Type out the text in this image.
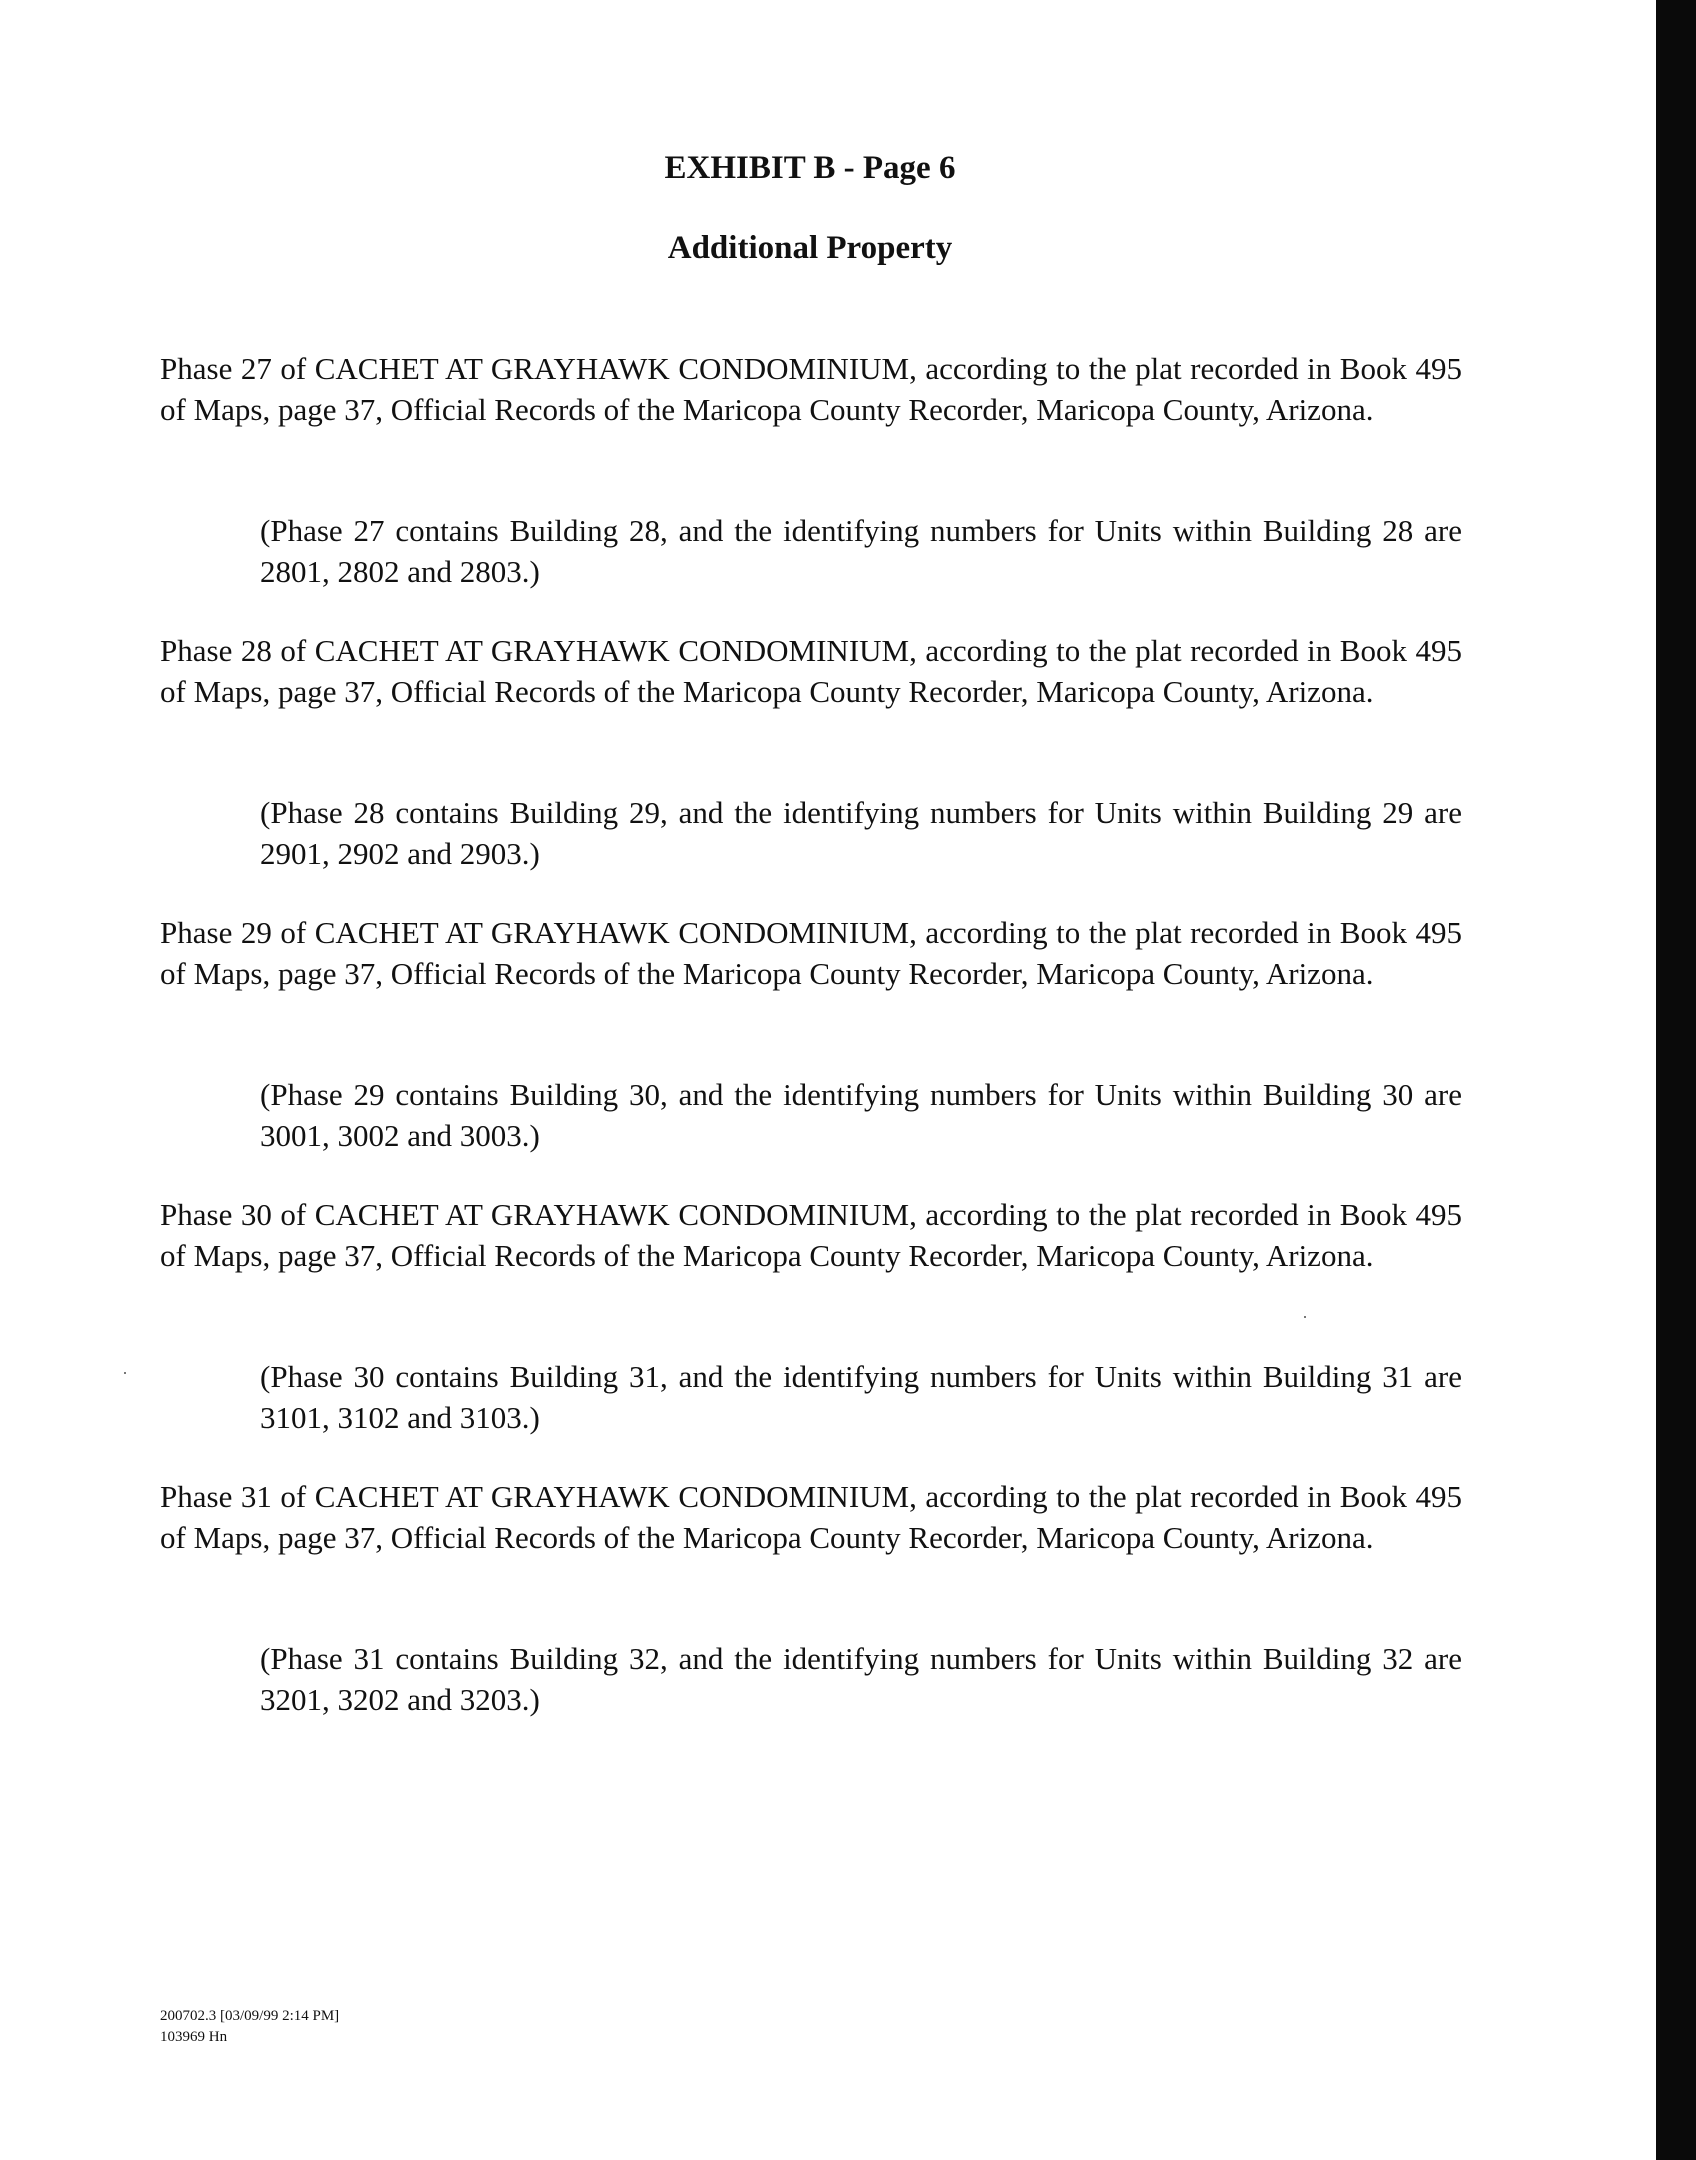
EXHIBIT B - Page 6
Additional Property
Phase 27 of CACHET AT GRAYHAWK CONDOMINIUM, according to the plat recorded in Book 495 of Maps, page 37, Official Records of the Maricopa County Recorder, Maricopa County, Arizona.
(Phase 27 contains Building 28, and the identifying numbers for Units within Building 28 are 2801, 2802 and 2803.)
Phase 28 of CACHET AT GRAYHAWK CONDOMINIUM, according to the plat recorded in Book 495 of Maps, page 37, Official Records of the Maricopa County Recorder, Maricopa County, Arizona.
(Phase 28 contains Building 29, and the identifying numbers for Units within Building 29 are 2901, 2902 and 2903.)
Phase 29 of CACHET AT GRAYHAWK CONDOMINIUM, according to the plat recorded in Book 495 of Maps, page 37, Official Records of the Maricopa County Recorder, Maricopa County, Arizona.
(Phase 29 contains Building 30, and the identifying numbers for Units within Building 30 are 3001, 3002 and 3003.)
Phase 30 of CACHET AT GRAYHAWK CONDOMINIUM, according to the plat recorded in Book 495 of Maps, page 37, Official Records of the Maricopa County Recorder, Maricopa County, Arizona.
(Phase 30 contains Building 31, and the identifying numbers for Units within Building 31 are 3101, 3102 and 3103.)
Phase 31 of CACHET AT GRAYHAWK CONDOMINIUM, according to the plat recorded in Book 495 of Maps, page 37, Official Records of the Maricopa County Recorder, Maricopa County, Arizona.
(Phase 31 contains Building 32, and the identifying numbers for Units within Building 32 are 3201, 3202 and 3203.)
200702.3 [03/09/99 2:14 PM]
103969 Hn
